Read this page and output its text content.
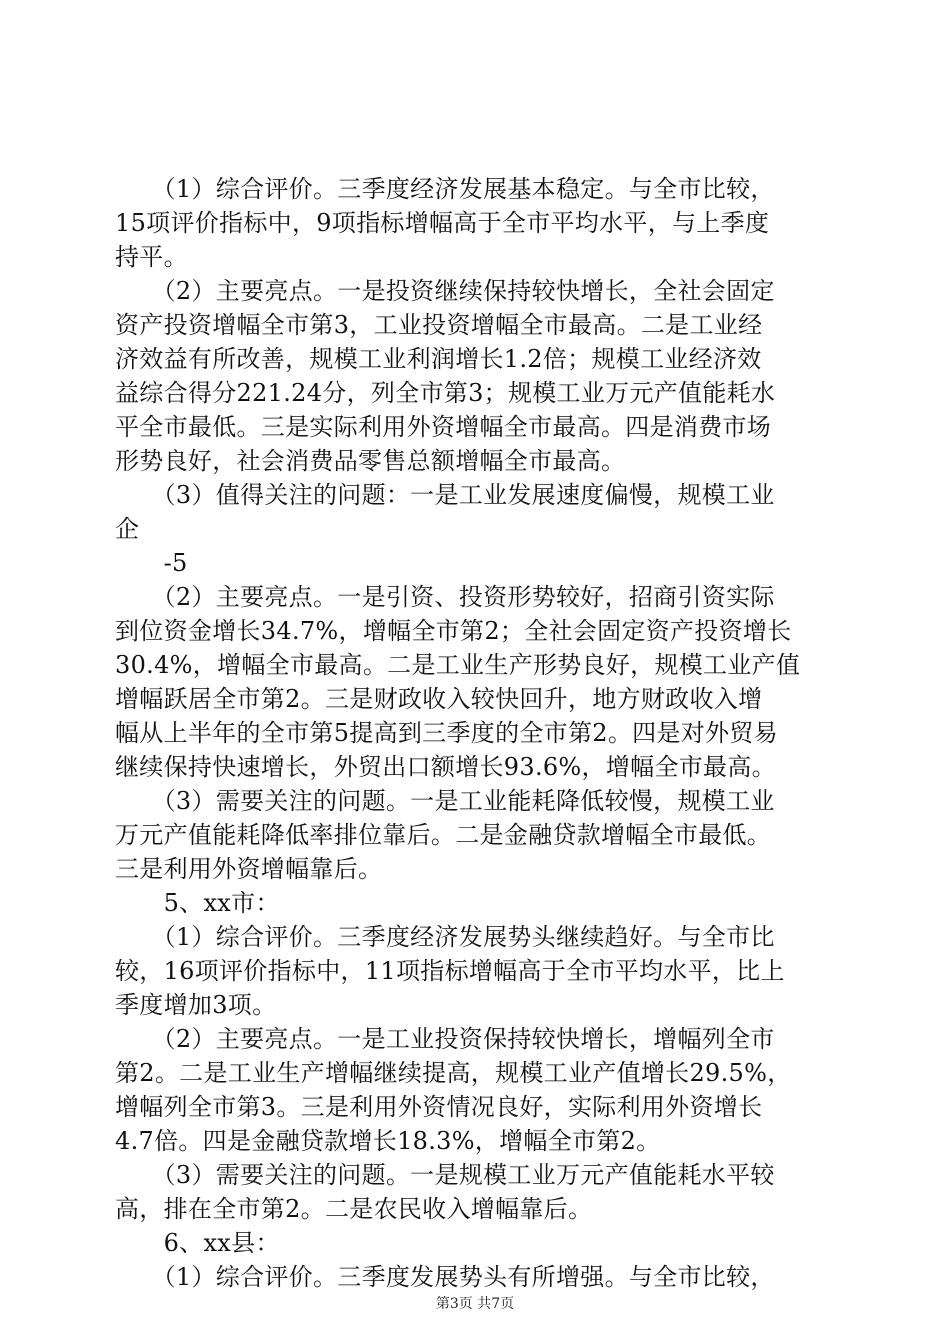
　　（1）综合评价。三季度经济发展基本稳定。与全市比较，
15项评价指标中，9项指标增幅高于全市平均水平，与上季度
持平。
　　（2）主要亮点。一是投资继续保持较快增长，全社会固定
资产投资增幅全市第3，工业投资增幅全市最高。二是工业经
济效益有所改善，规模工业利润增长1.2倍；规模工业经济效
益综合得分221.24分，列全市第3；规模工业万元产值能耗水
平全市最低。三是实际利用外资增幅全市最高。四是消费市场
形势良好，社会消费品零售总额增幅全市最高。
　　（3）值得关注的问题：一是工业发展速度偏慢，规模工业
企
　　-5
　　（2）主要亮点。一是引资、投资形势较好，招商引资实际
到位资金增长34.7%，增幅全市第2；全社会固定资产投资增长
30.4%，增幅全市最高。二是工业生产形势良好，规模工业产值
增幅跃居全市第2。三是财政收入较快回升，地方财政收入增
幅从上半年的全市第5提高到三季度的全市第2。四是对外贸易
继续保持快速增长，外贸出口额增长93.6%，增幅全市最高。
　　（3）需要关注的问题。一是工业能耗降低较慢，规模工业
万元产值能耗降低率排位靠后。二是金融贷款增幅全市最低。
三是利用外资增幅靠后。
　　5、xx市：
　　（1）综合评价。三季度经济发展势头继续趋好。与全市比
较，16项评价指标中，11项指标增幅高于全市平均水平，比上
季度增加3项。
　　（2）主要亮点。一是工业投资保持较快增长，增幅列全市
第2。二是工业生产增幅继续提高，规模工业产值增长29.5%，
增幅列全市第3。三是利用外资情况良好，实际利用外资增长
4.7倍。四是金融贷款增长18.3%，增幅全市第2。
　　（3）需要关注的问题。一是规模工业万元产值能耗水平较
高，排在全市第2。二是农民收入增幅靠后。
　　6、xx县：
　　（1）综合评价。三季度发展势头有所增强。与全市比较，
第3页 共7页
